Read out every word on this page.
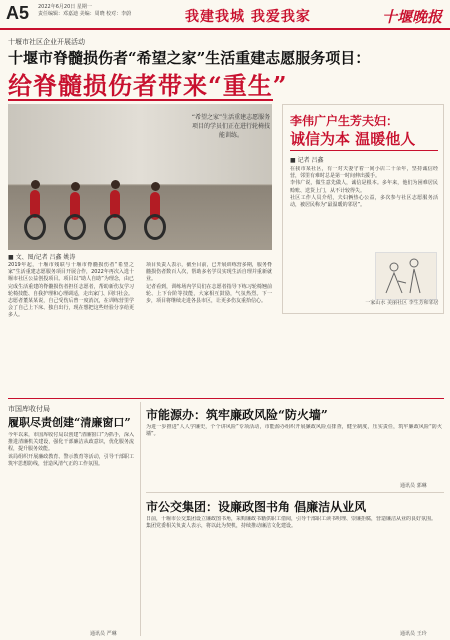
A5 2022年6月20日 星期一
责任编辑：邓嘉迪 美编：周晓 校对：李蔚	我建我城 我爱我家	十堰晚报
十堰市社区企业开展活动
十堰市脊髓损伤者“希望之家”生活重建志愿服务项目：
给脊髓损伤者带来“重生”
“希望之家”生活重建志愿服务项目的学员们正在进行轮椅技能训练。
■ 文、图/记者 吕鑫 姚涛

2019年起，十堰市残联与十堰市脊髓损伤者“希望之家”生活重建志愿服务项目开展合作，2022年再次入选十堰市社区公益创投项目。项目以“助人自助”为理念，由已完成生活重建的脊髓损伤者担任志愿者，帮助新伤友学习轮椅技能、自我护理和心理调适，走出家门、回归社会。

志愿者董某某说，自己受伤后曾一度消沉，在训练营里学会了自己上下床、独自出行，现在想把这些经验分享给更多人。

项目负责人表示，截至目前，已开展训练营多期，服务脊髓损伤者数百人次，帮助多名学员实现生活自理并重新就业。

记者看到，训练场内学员们在志愿者指导下练习轮椅翘前轮、上下台阶等技能，大家相互鼓励，气氛热烈。下一步，项目将继续走进各县市区，让更多伤友重拾信心。

李伟广户生芳夫妇：
诚信为本 温暖他人
■ 记者 吕鑫

在我市某社区，有一对夫妻守着一间小店二十余年，坚持诚信经营，邻里有难时总是第一时间伸出援手。

李伟广说，做生意先做人，诚信是根本。多年来，他们为困难居民赊账、送货上门，从不计较得失。

社区工作人员介绍，夫妇俩热心公益，多次参与社区志愿服务活动，被居民称为“最温暖的邻居”。

一家山水 美丽社区 李生芳和邻居
市国库收付局
履职尽责创建“清廉窗口”

今年以来，市国库收付局以创建“清廉窗口”为抓手，深入推进清廉机关建设，强化干部廉洁从政意识，优化服务流程，提升服务效能。

该局组织开展廉政教育、警示教育等活动，引导干部职工筑牢思想防线，营造风清气正的工作氛围。

通讯员 严琳
市能源办：筑牢廉政风险“防火墙”

为进一步推进“人人学廉史，个个讲风险”专项活动，市能源办组织开展廉政风险点排查，健全制度，压实责任，筑牢廉政风险“防火墙”。

通讯员 郭琳
市公交集团：设廉政图书角 倡廉洁从业风

日前，十堰市公交集团设立廉政图书角，采购廉政书籍供职工借阅，引导干部职工读书明理、崇廉拒腐，营造廉洁从业的良好氛围。

集团党委相关负责人表示，将以此为契机，持续推动廉洁文化建设。

通讯员 王玲
